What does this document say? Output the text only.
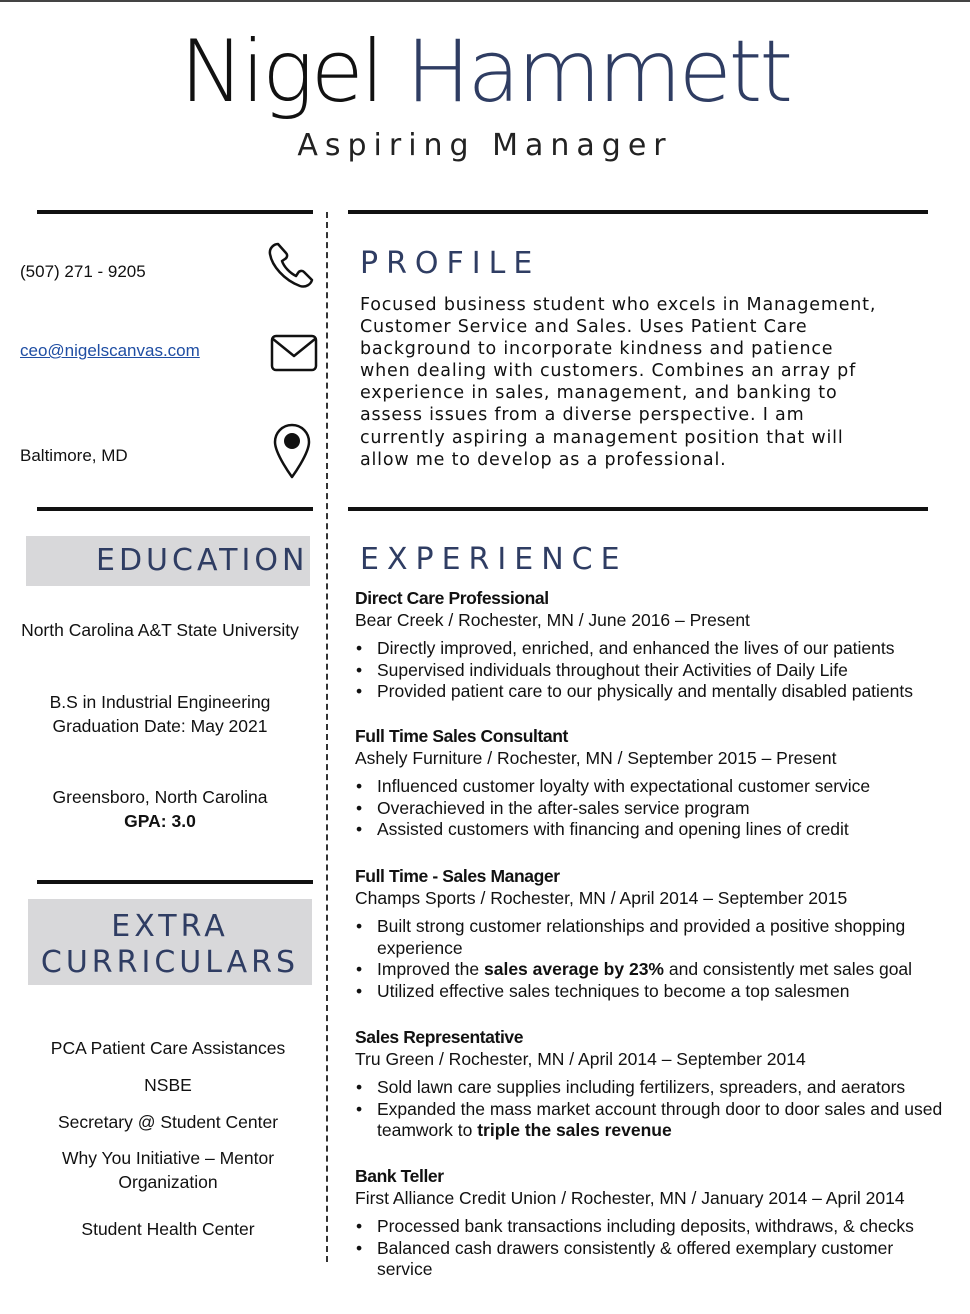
Nigel Hammett
Aspiring Manager
(507) 271 - 9205
ceo@nigelscanvas.com
Baltimore, MD
PROFILE
Focused business student who excels in Management,
Customer Service and Sales. Uses Patient Care
background to incorporate kindness and patience
when dealing with customers. Combines an array pf
experience in sales, management, and banking to
assess issues from a diverse perspective. I am
currently aspiring a management position that will
allow me to develop as a professional.
EDUCATION
North Carolina A&T State University
B.S in Industrial Engineering
Graduation Date: May 2021
Greensboro, North Carolina
GPA: 3.0
EXTRA
CURRICULARS
PCA Patient Care Assistances
NSBE
Secretary @ Student Center
Why You Initiative – Mentor
Organization
Student Health Center
EXPERIENCE
Direct Care Professional
Bear Creek / Rochester, MN / June 2016 – Present
• Directly improved, enriched, and enhanced the lives of our patients
• Supervised individuals throughout their Activities of Daily Life
• Provided patient care to our physically and mentally disabled patients
Full Time Sales Consultant
Ashely Furniture / Rochester, MN / September 2015 – Present
• Influenced customer loyalty with expectational customer service
• Overachieved in the after-sales service program
• Assisted customers with financing and opening lines of credit
Full Time - Sales Manager
Champs Sports / Rochester, MN / April 2014 – September 2015
• Built strong customer relationships and provided a positive shopping experience
• Improved the sales average by 23% and consistently met sales goal
• Utilized effective sales techniques to become a top salesmen
Sales Representative
Tru Green / Rochester, MN / April 2014 – September 2014
• Sold lawn care supplies including fertilizers, spreaders, and aerators
• Expanded the mass market account through door to door sales and used teamwork to triple the sales revenue
Bank Teller
First Alliance Credit Union / Rochester, MN / January 2014 – April 2014
• Processed bank transactions including deposits, withdraws, & checks
• Balanced cash drawers consistently & offered exemplary customer service
